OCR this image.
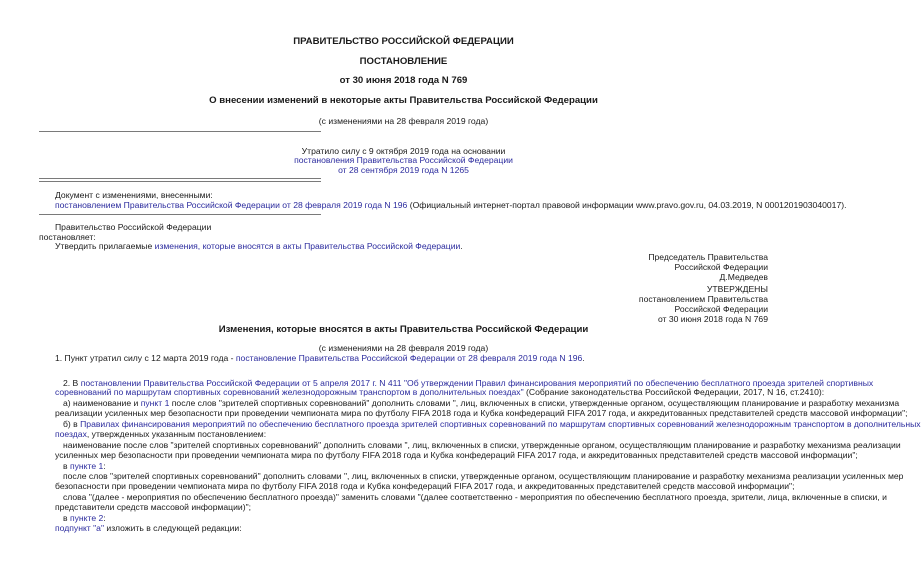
ПРАВИТЕЛЬСТВО РОССИЙСКОЙ ФЕДЕРАЦИИ
ПОСТАНОВЛЕНИЕ
от 30 июня 2018 года N 769
О внесении изменений в некоторые акты Правительства Российской Федерации
(с изменениями на 28 февраля 2019 года)
Утратило силу с 9 октября 2019 года на основании
постановления Правительства Российской Федерации
от 28 сентября 2019 года N 1265
Документ с изменениями, внесенными:
постановлением Правительства Российской Федерации от 28 февраля 2019 года N 196 (Официальный интернет-портал правовой информации www.pravo.gov.ru, 04.03.2019, N 0001201903040017).
Правительство Российской Федерации
постановляет:
Утвердить прилагаемые изменения, которые вносятся в акты Правительства Российской Федерации.
Председатель Правительства
Российской Федерации
Д.Медведев
УТВЕРЖДЕНЫ
постановлением Правительства
Российской Федерации
от 30 июня 2018 года N 769
Изменения, которые вносятся в акты Правительства Российской Федерации
(с изменениями на 28 февраля 2019 года)
1. Пункт утратил силу с 12 марта 2019 года - постановление Правительства Российской Федерации от 28 февраля 2019 года N 196.
2. В постановлении Правительства Российской Федерации от 5 апреля 2017 г. N 411 "Об утверждении Правил финансирования мероприятий по обеспечению бесплатного проезда зрителей спортивных
соревнований по маршрутам спортивных соревнований железнодорожным транспортом в дополнительных поездах" (Собрание законодательства Российской Федерации, 2017, N 16, ст.2410):
а) наименование и пункт 1 после слов "зрителей спортивных соревнований" дополнить словами ", лиц, включенных в списки, утвержденные органом, осуществляющим планирование и разработку механизма
реализации усиленных мер безопасности при проведении чемпионата мира по футболу FIFA 2018 года и Кубка конфедераций FIFA 2017 года, и аккредитованных представителей средств массовой информации";
б) в Правилах финансирования мероприятий по обеспечению бесплатного проезда зрителей спортивных соревнований по маршрутам спортивных соревнований железнодорожным транспортом в дополнительных
поездах, утвержденных указанным постановлением:
наименование после слов "зрителей спортивных соревнований" дополнить словами ", лиц, включенных в списки, утвержденные органом, осуществляющим планирование и разработку механизма реализации
усиленных мер безопасности при проведении чемпионата мира по футболу FIFA 2018 года и Кубка конфедераций FIFA 2017 года, и аккредитованных представителей средств массовой информации";
в пункте 1:
после слов "зрителей спортивных соревнований" дополнить словами ", лиц, включенных в списки, утвержденные органом, осуществляющим планирование и разработку механизма реализации усиленных мер
безопасности при проведении чемпионата мира по футболу FIFA 2018 года и Кубка конфедераций FIFA 2017 года, и аккредитованных представителей средств массовой информации";
слова "(далее - мероприятия по обеспечению бесплатного проезда)" заменить словами "(далее соответственно - мероприятия по обеспечению бесплатного проезда, зрители, лица, включенные в списки, и
представители средств массовой информации)";
в пункте 2:
подпункт "а" изложить в следующей редакции:
